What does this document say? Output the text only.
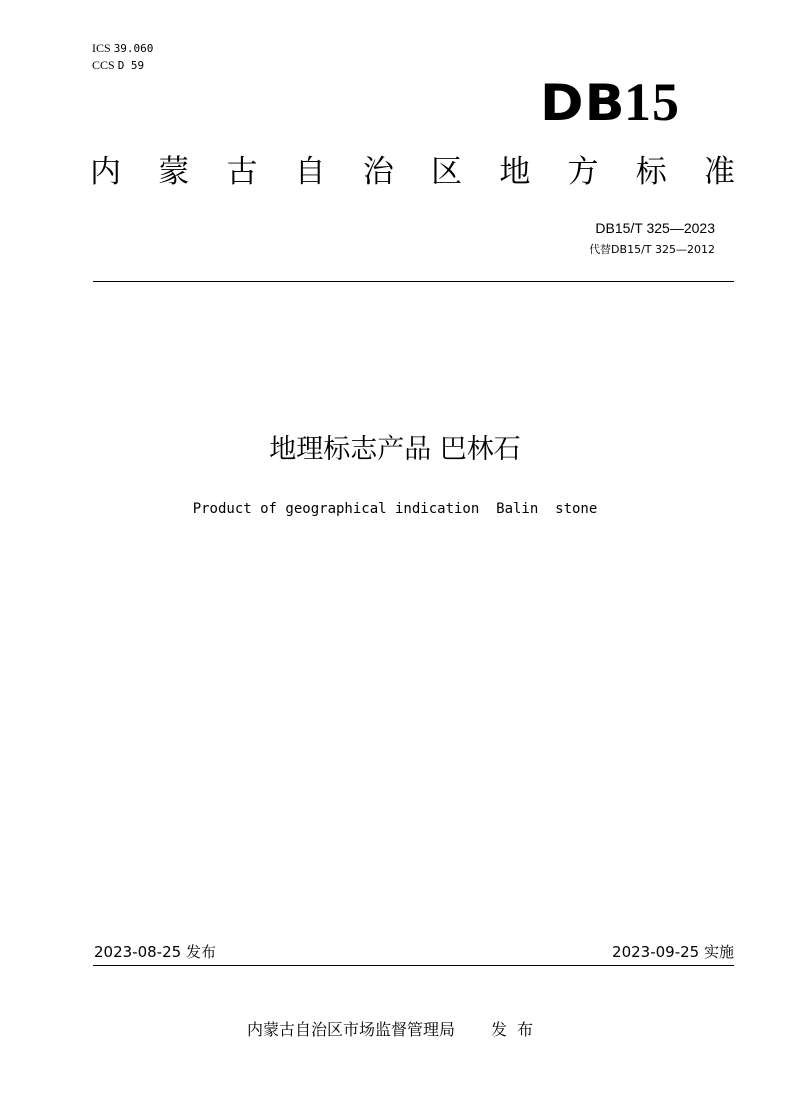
ICS 39.060
CCS D 59
DB15
内 蒙 古 自 治 区 地 方 标 准
DB15/T 325—2023
代替DB15/T 325—2012
地理标志产品 巴林石
Product of geographical indication  Balin  stone
2023-08-25 发布	2023-09-25 实施
内蒙古自治区市场监督管理局 发布
